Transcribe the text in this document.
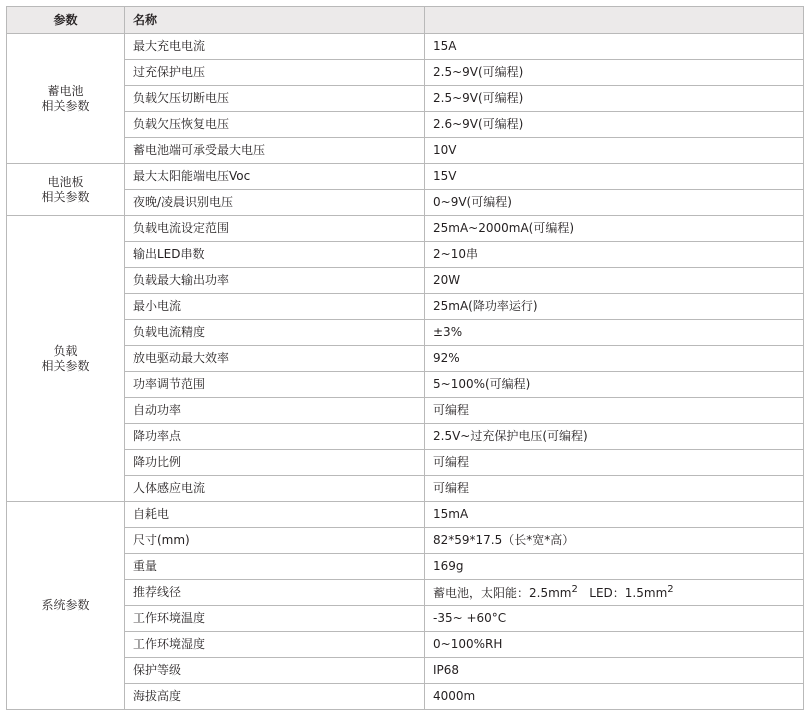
参数	名称	

蓄电池
相关参数	最大充电电流	15A
	过充保护电压	2.5~9V(可编程)
	负载欠压切断电压	2.5~9V(可编程)
	负载欠压恢复电压	2.6~9V(可编程)
	蓄电池端可承受最大电压	10V

电池板
相关参数	最大太阳能端电压Voc	15V
	夜晚/凌晨识别电压	0~9V(可编程)

负载
相关参数	负载电流设定范围	25mA~2000mA(可编程)
	输出LED串数	2~10串
	负载最大输出功率	20W
	最小电流	25mA(降功率运行)
	负载电流精度	±3%
	放电驱动最大效率	92%
	功率调节范围	5~100%(可编程)
	自动功率	可编程
	降功率点	2.5V~过充保护电压(可编程)
	降功比例	可编程
	人体感应电流	可编程

系统参数	自耗电	15mA
	尺寸(mm)	82*59*17.5（长*宽*高）
	重量	169g
	推荐线径	蓄电池，太阳能：$2.5mm^2$   LED：$1.5mm^2$
	工作环境温度	-35~ +60°C
	工作环境湿度	0~100%RH
	保护等级	IP68
	海拔高度	4000m
